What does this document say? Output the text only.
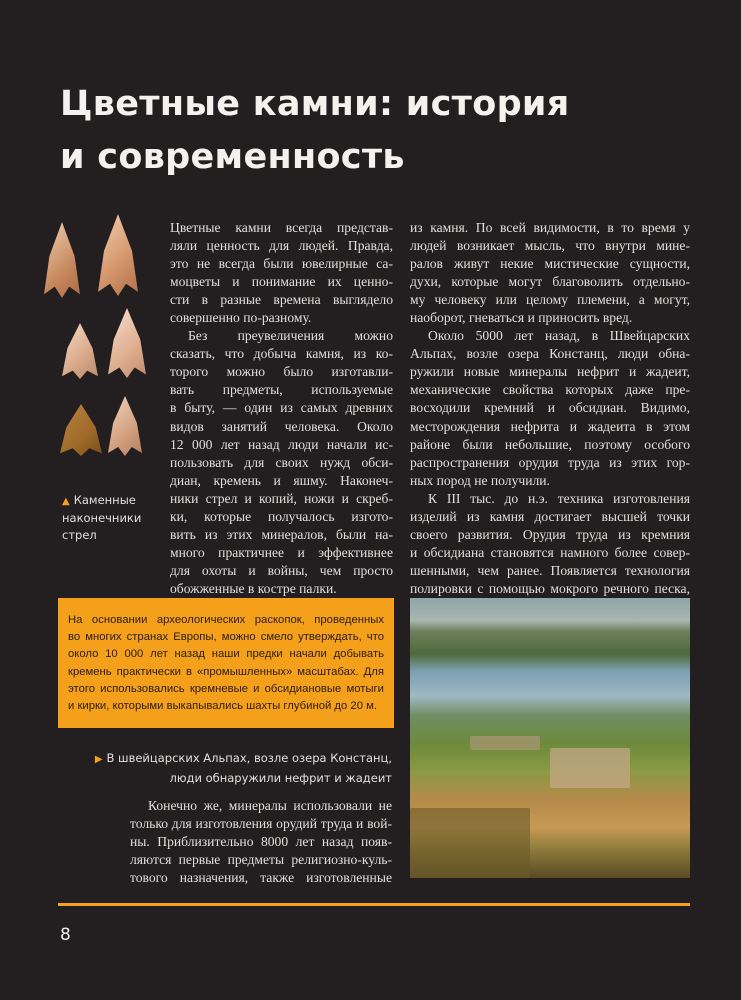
Цветные камни: история
и современность
▲ Каменные
наконечники
стрел
Цветные камни всегда представ-
ляли ценность для людей. Правда,
это не всегда были ювелирные са-
моцветы и понимание их ценно-
сти в разные времена выглядело
совершенно по-разному.
Без преувеличения можно
сказать, что добыча камня, из ко-
торого можно было изготавли-
вать предметы, используемые
в быту, — один из самых древних
видов занятий человека. Около
12 000 лет назад люди начали ис-
пользовать для своих нужд обси-
диан, кремень и яшму. Наконеч-
ники стрел и копий, ножи и скреб-
ки, которые получалось изгото-
вить из этих минералов, были на-
много практичнее и эффективнее
для охоты и войны, чем просто
обожженные в костре палки.
из камня. По всей видимости, в то время у
людей возникает мысль, что внутри мине-
ралов живут некие мистические сущности,
духи, которые могут благоволить отдельно-
му человеку или целому племени, а могут,
наоборот, гневаться и приносить вред.
Около 5000 лет назад, в Швейцарских
Альпах, возле озера Констанц, люди обна-
ружили новые минералы нефрит и жадеит,
механические свойства которых даже пре-
восходили кремний и обсидиан. Видимо,
месторождения нефрита и жадеита в этом
районе были небольшие, поэтому особого
распространения орудия труда из этих гор-
ных пород не получили.
К III тыс. до н.э. техника изготовления
изделий из камня достигает высшей точки
своего развития. Орудия труда из кремния
и обсидиана становятся намного более совер-
шенными, чем ранее. Появляется технология
полировки с помощью мокрого речного песка,
На основании археологических раскопок, проведенных
во многих странах Европы, можно смело утверждать, что
около 10 000 лет назад наши предки начали добывать
кремень практически в «промышленных» масштабах. Для
этого использовались кремневые и обсидиановые мотыги
и кирки, которыми выкапывались шахты глубиной до 20 м.
▶ В швейцарских Альпах, возле озера Констанц,
люди обнаружили нефрит и жадеит
Конечно же, минералы использовали не
только для изготовления орудий труда и вой-
ны. Приблизительно 8000 лет назад появ-
ляются первые предметы религиозно-куль-
тового назначения, также изготовленные
8
